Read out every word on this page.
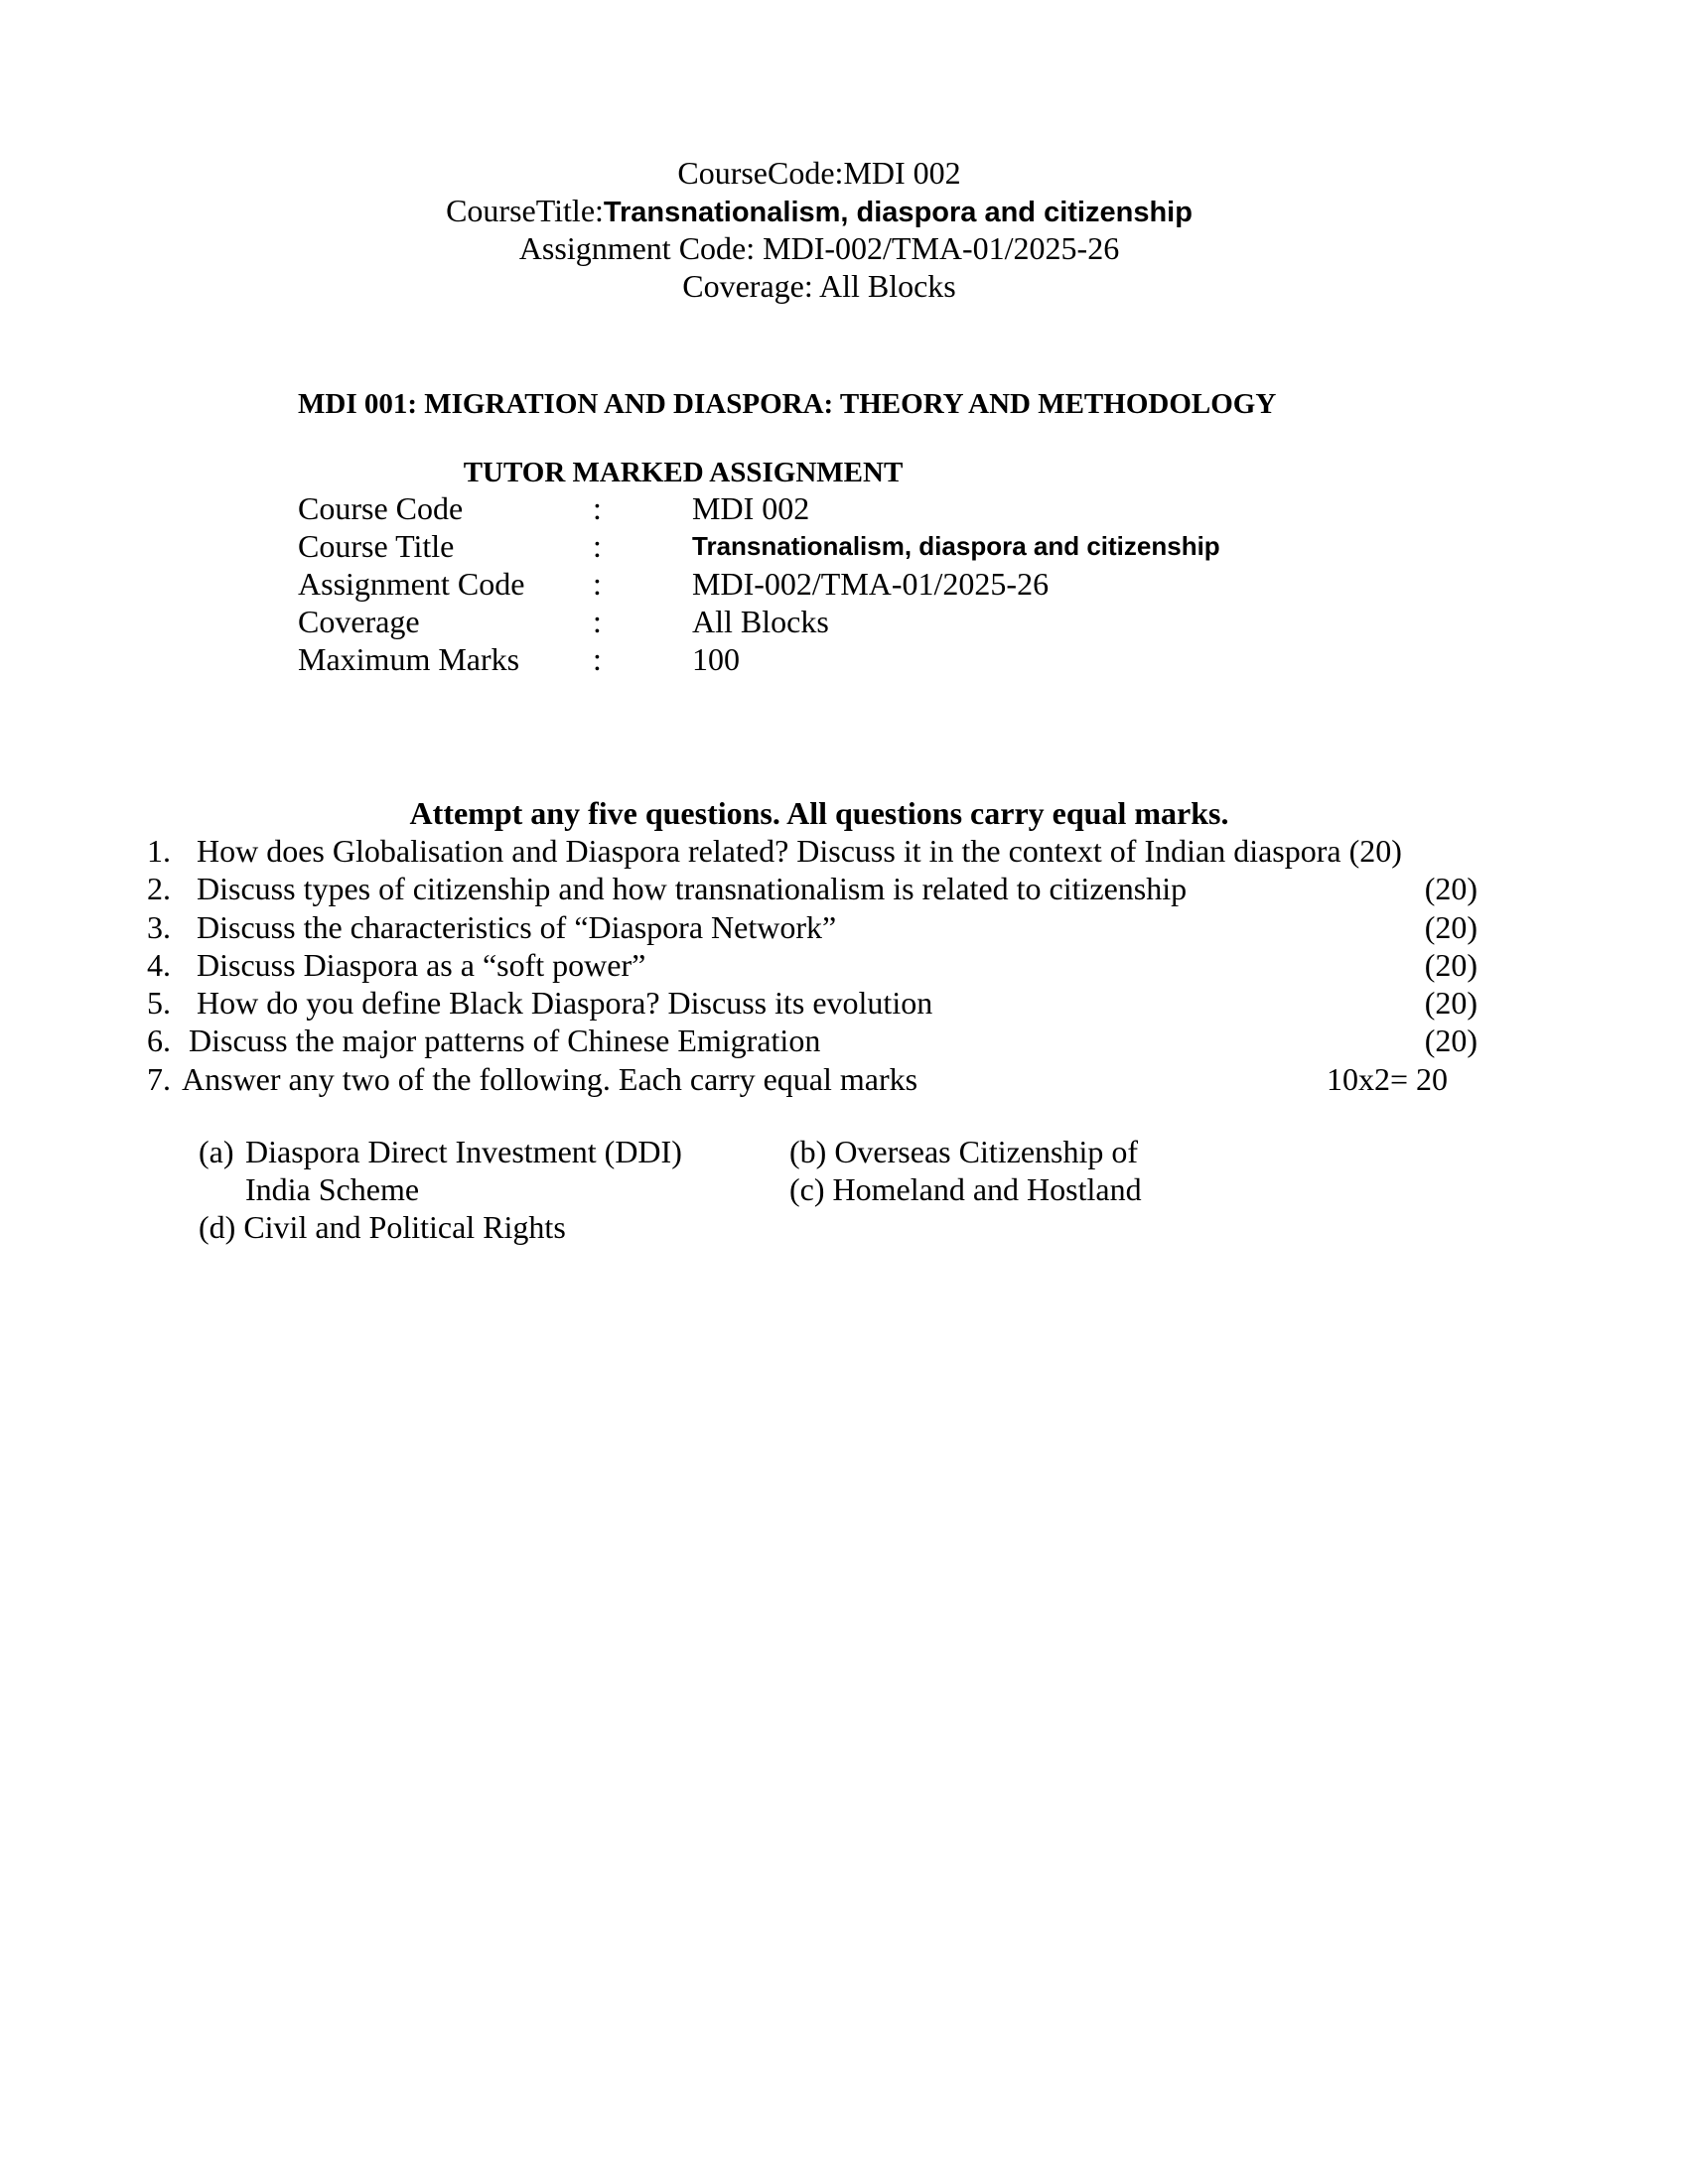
CourseCode:MDI 002
CourseTitle:Transnationalism, diaspora and citizenship
Assignment Code: MDI-002/TMA-01/2025-26
Coverage: All Blocks
MDI 001: MIGRATION AND DIASPORA: THEORY AND METHODOLOGY
TUTOR MARKED ASSIGNMENT
Course Code	:	MDI 002
Course Title	:	Transnationalism, diaspora and citizenship
Assignment Code :	MDI-002/TMA-01/2025-26
Coverage	:	All Blocks
Maximum Marks :	100
Attempt any five questions. All questions carry equal marks.
1. How does Globalisation and Diaspora related? Discuss it in the context of Indian diaspora (20)
2. Discuss types of citizenship and how transnationalism is related to citizenship	(20)
3. Discuss the characteristics of “Diaspora Network”	(20)
4. Discuss Diaspora as a “soft power”	(20)
5. How do you define Black Diaspora? Discuss its evolution	(20)
6. Discuss the major patterns of Chinese Emigration	(20)
7. Answer any two of the following. Each carry equal marks	10x2= 20
(a) Diaspora Direct Investment (DDI)
India Scheme
(b) Overseas Citizenship of
(c) Homeland and Hostland
(d) Civil and Political Rights
